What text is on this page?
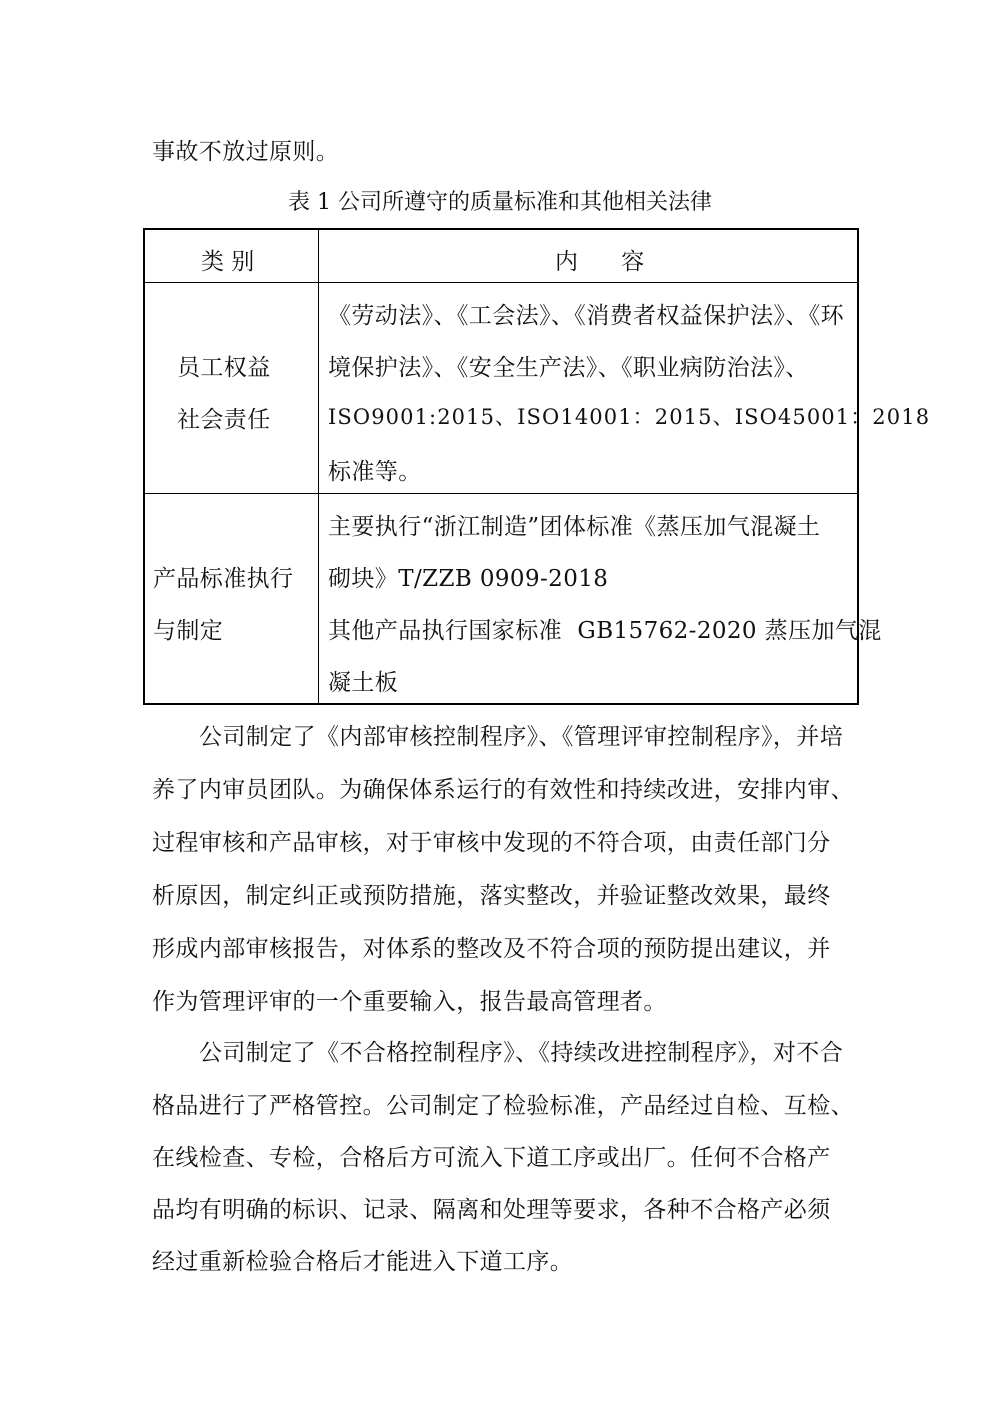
事故不放过原则。
表 1 公司所遵守的质量标准和其他相关法律
类 别	内 容
员工权益
社会责任
《劳动法》、《工会法》、《消费者权益保护法》、《环
境保护法》、《安全生产法》、《职业病防治法》、
ISO9001:2015、ISO14001：2015、ISO45001：2018
标准等。
产品标准执行
与制定
主要执行“浙江制造”团体标准《蒸压加气混凝土
砌块》T/ZZB 0909-2018
其他产品执行国家标准  GB15762-2020 蒸压加气混
凝土板
公司制定了《内部审核控制程序》、《管理评审控制程序》，并培
养了内审员团队。为确保体系运行的有效性和持续改进，安排内审、
过程审核和产品审核，对于审核中发现的不符合项，由责任部门分
析原因，制定纠正或预防措施，落实整改，并验证整改效果，最终
形成内部审核报告，对体系的整改及不符合项的预防提出建议，并
作为管理评审的一个重要输入，报告最高管理者。
公司制定了《不合格控制程序》、《持续改进控制程序》，对不合
格品进行了严格管控。公司制定了检验标准，产品经过自检、互检、
在线检查、专检，合格后方可流入下道工序或出厂。任何不合格产
品均有明确的标识、记录、隔离和处理等要求，各种不合格产必须
经过重新检验合格后才能进入下道工序。
